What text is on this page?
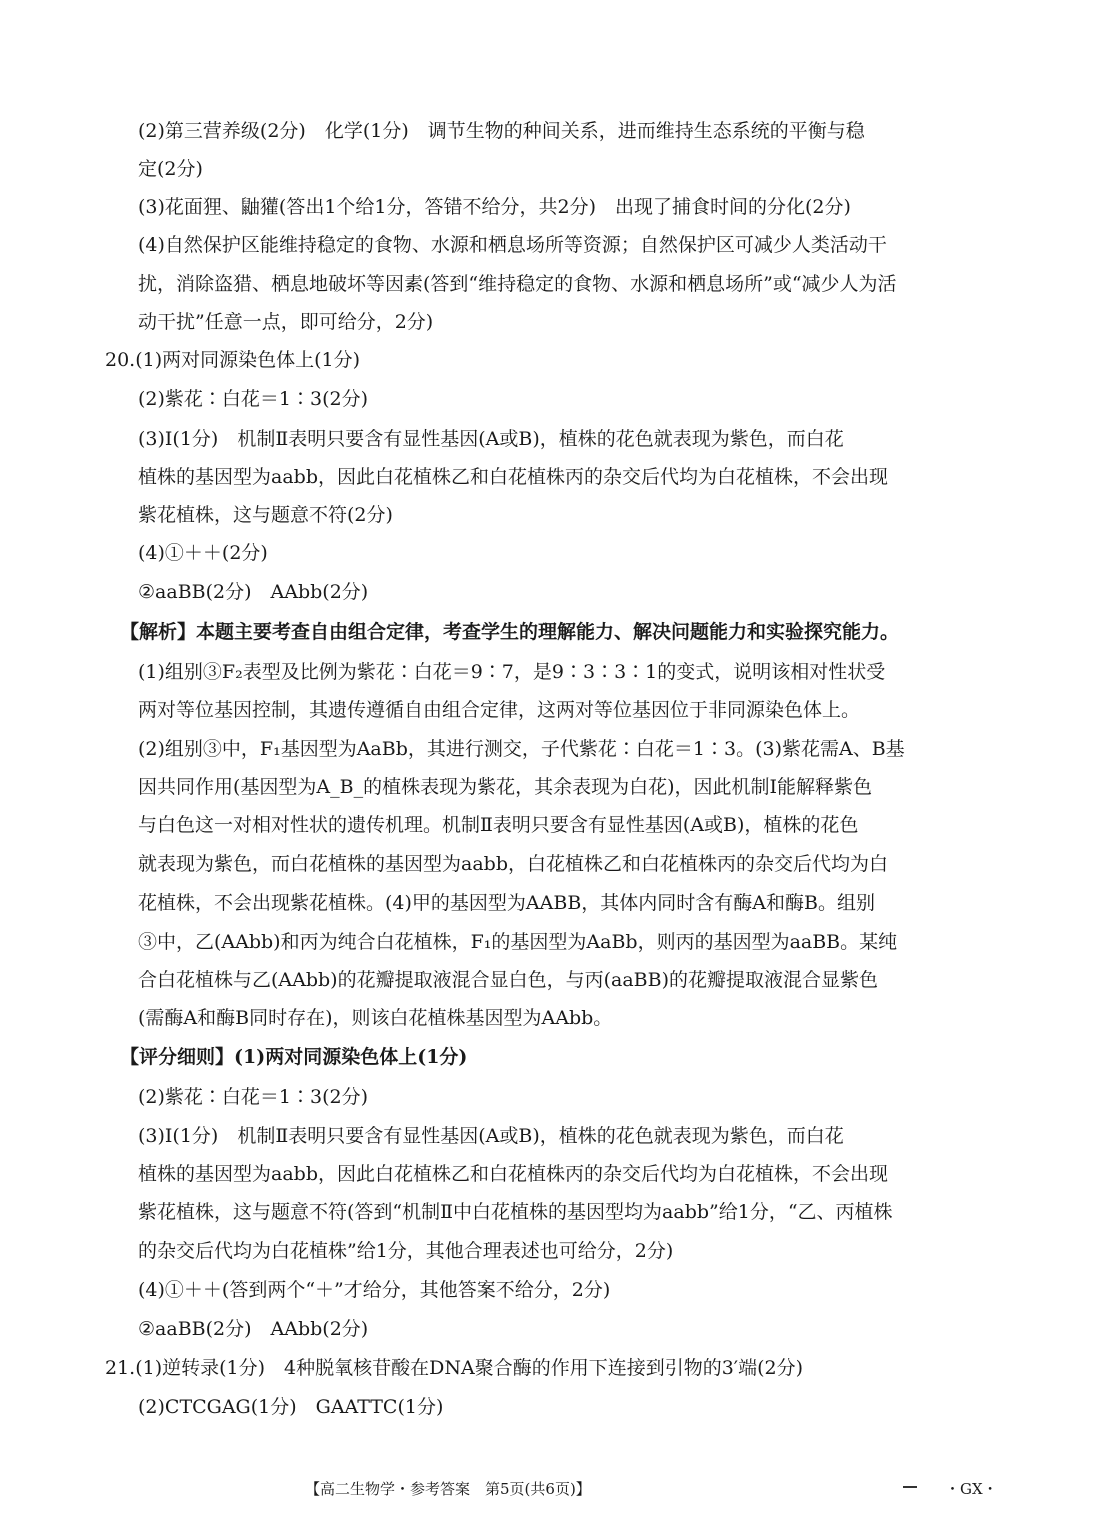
(2)第三营养级(2分)　化学(1分)　调节生物的种间关系，进而维持生态系统的平衡与稳
定(2分)
(3)花面狸、鼬獾(答出1个给1分，答错不给分，共2分)　出现了捕食时间的分化(2分)
(4)自然保护区能维持稳定的食物、水源和栖息场所等资源；自然保护区可减少人类活动干
扰，消除盗猎、栖息地破坏等因素(答到“维持稳定的食物、水源和栖息场所”或“减少人为活
动干扰”任意一点，即可给分，2分)
20.(1)两对同源染色体上(1分)
(2)紫花∶白花＝1∶3(2分)
(3)Ⅰ(1分)　机制Ⅱ表明只要含有显性基因(A或B)，植株的花色就表现为紫色，而白花
植株的基因型为aabb，因此白花植株乙和白花植株丙的杂交后代均为白花植株，不会出现
紫花植株，这与题意不符(2分)
(4)①＋＋(2分)
②aaBB(2分)　AAbb(2分)
【解析】本题主要考查自由组合定律，考查学生的理解能力、解决问题能力和实验探究能力。
(1)组别③F₂表型及比例为紫花∶白花＝9∶7，是9∶3∶3∶1的变式，说明该相对性状受
两对等位基因控制，其遗传遵循自由组合定律，这两对等位基因位于非同源染色体上。
(2)组别③中，F₁基因型为AaBb，其进行测交，子代紫花∶白花＝1∶3。(3)紫花需A、B基
因共同作用(基因型为A_B_的植株表现为紫花，其余表现为白花)，因此机制Ⅰ能解释紫色
与白色这一对相对性状的遗传机理。机制Ⅱ表明只要含有显性基因(A或B)，植株的花色
就表现为紫色，而白花植株的基因型为aabb，白花植株乙和白花植株丙的杂交后代均为白
花植株，不会出现紫花植株。(4)甲的基因型为AABB，其体内同时含有酶A和酶B。组别
③中，乙(AAbb)和丙为纯合白花植株，F₁的基因型为AaBb，则丙的基因型为aaBB。某纯
合白花植株与乙(AAbb)的花瓣提取液混合显白色，与丙(aaBB)的花瓣提取液混合显紫色
(需酶A和酶B同时存在)，则该白花植株基因型为AAbb。
【评分细则】(1)两对同源染色体上(1分)
(2)紫花∶白花＝1∶3(2分)
(3)Ⅰ(1分)　机制Ⅱ表明只要含有显性基因(A或B)，植株的花色就表现为紫色，而白花
植株的基因型为aabb，因此白花植株乙和白花植株丙的杂交后代均为白花植株，不会出现
紫花植株，这与题意不符(答到“机制Ⅱ中白花植株的基因型均为aabb”给1分，“乙、丙植株
的杂交后代均为白花植株”给1分，其他合理表述也可给分，2分)
(4)①＋＋(答到两个“＋”才给分，其他答案不给分，2分)
②aaBB(2分)　AAbb(2分)
21.(1)逆转录(1分)　4种脱氧核苷酸在DNA聚合酶的作用下连接到引物的3′端(2分)
(2)CTCGAG(1分)　GAATTC(1分)
【高二生物学・参考答案　第5页(共6页)】	・GX・
